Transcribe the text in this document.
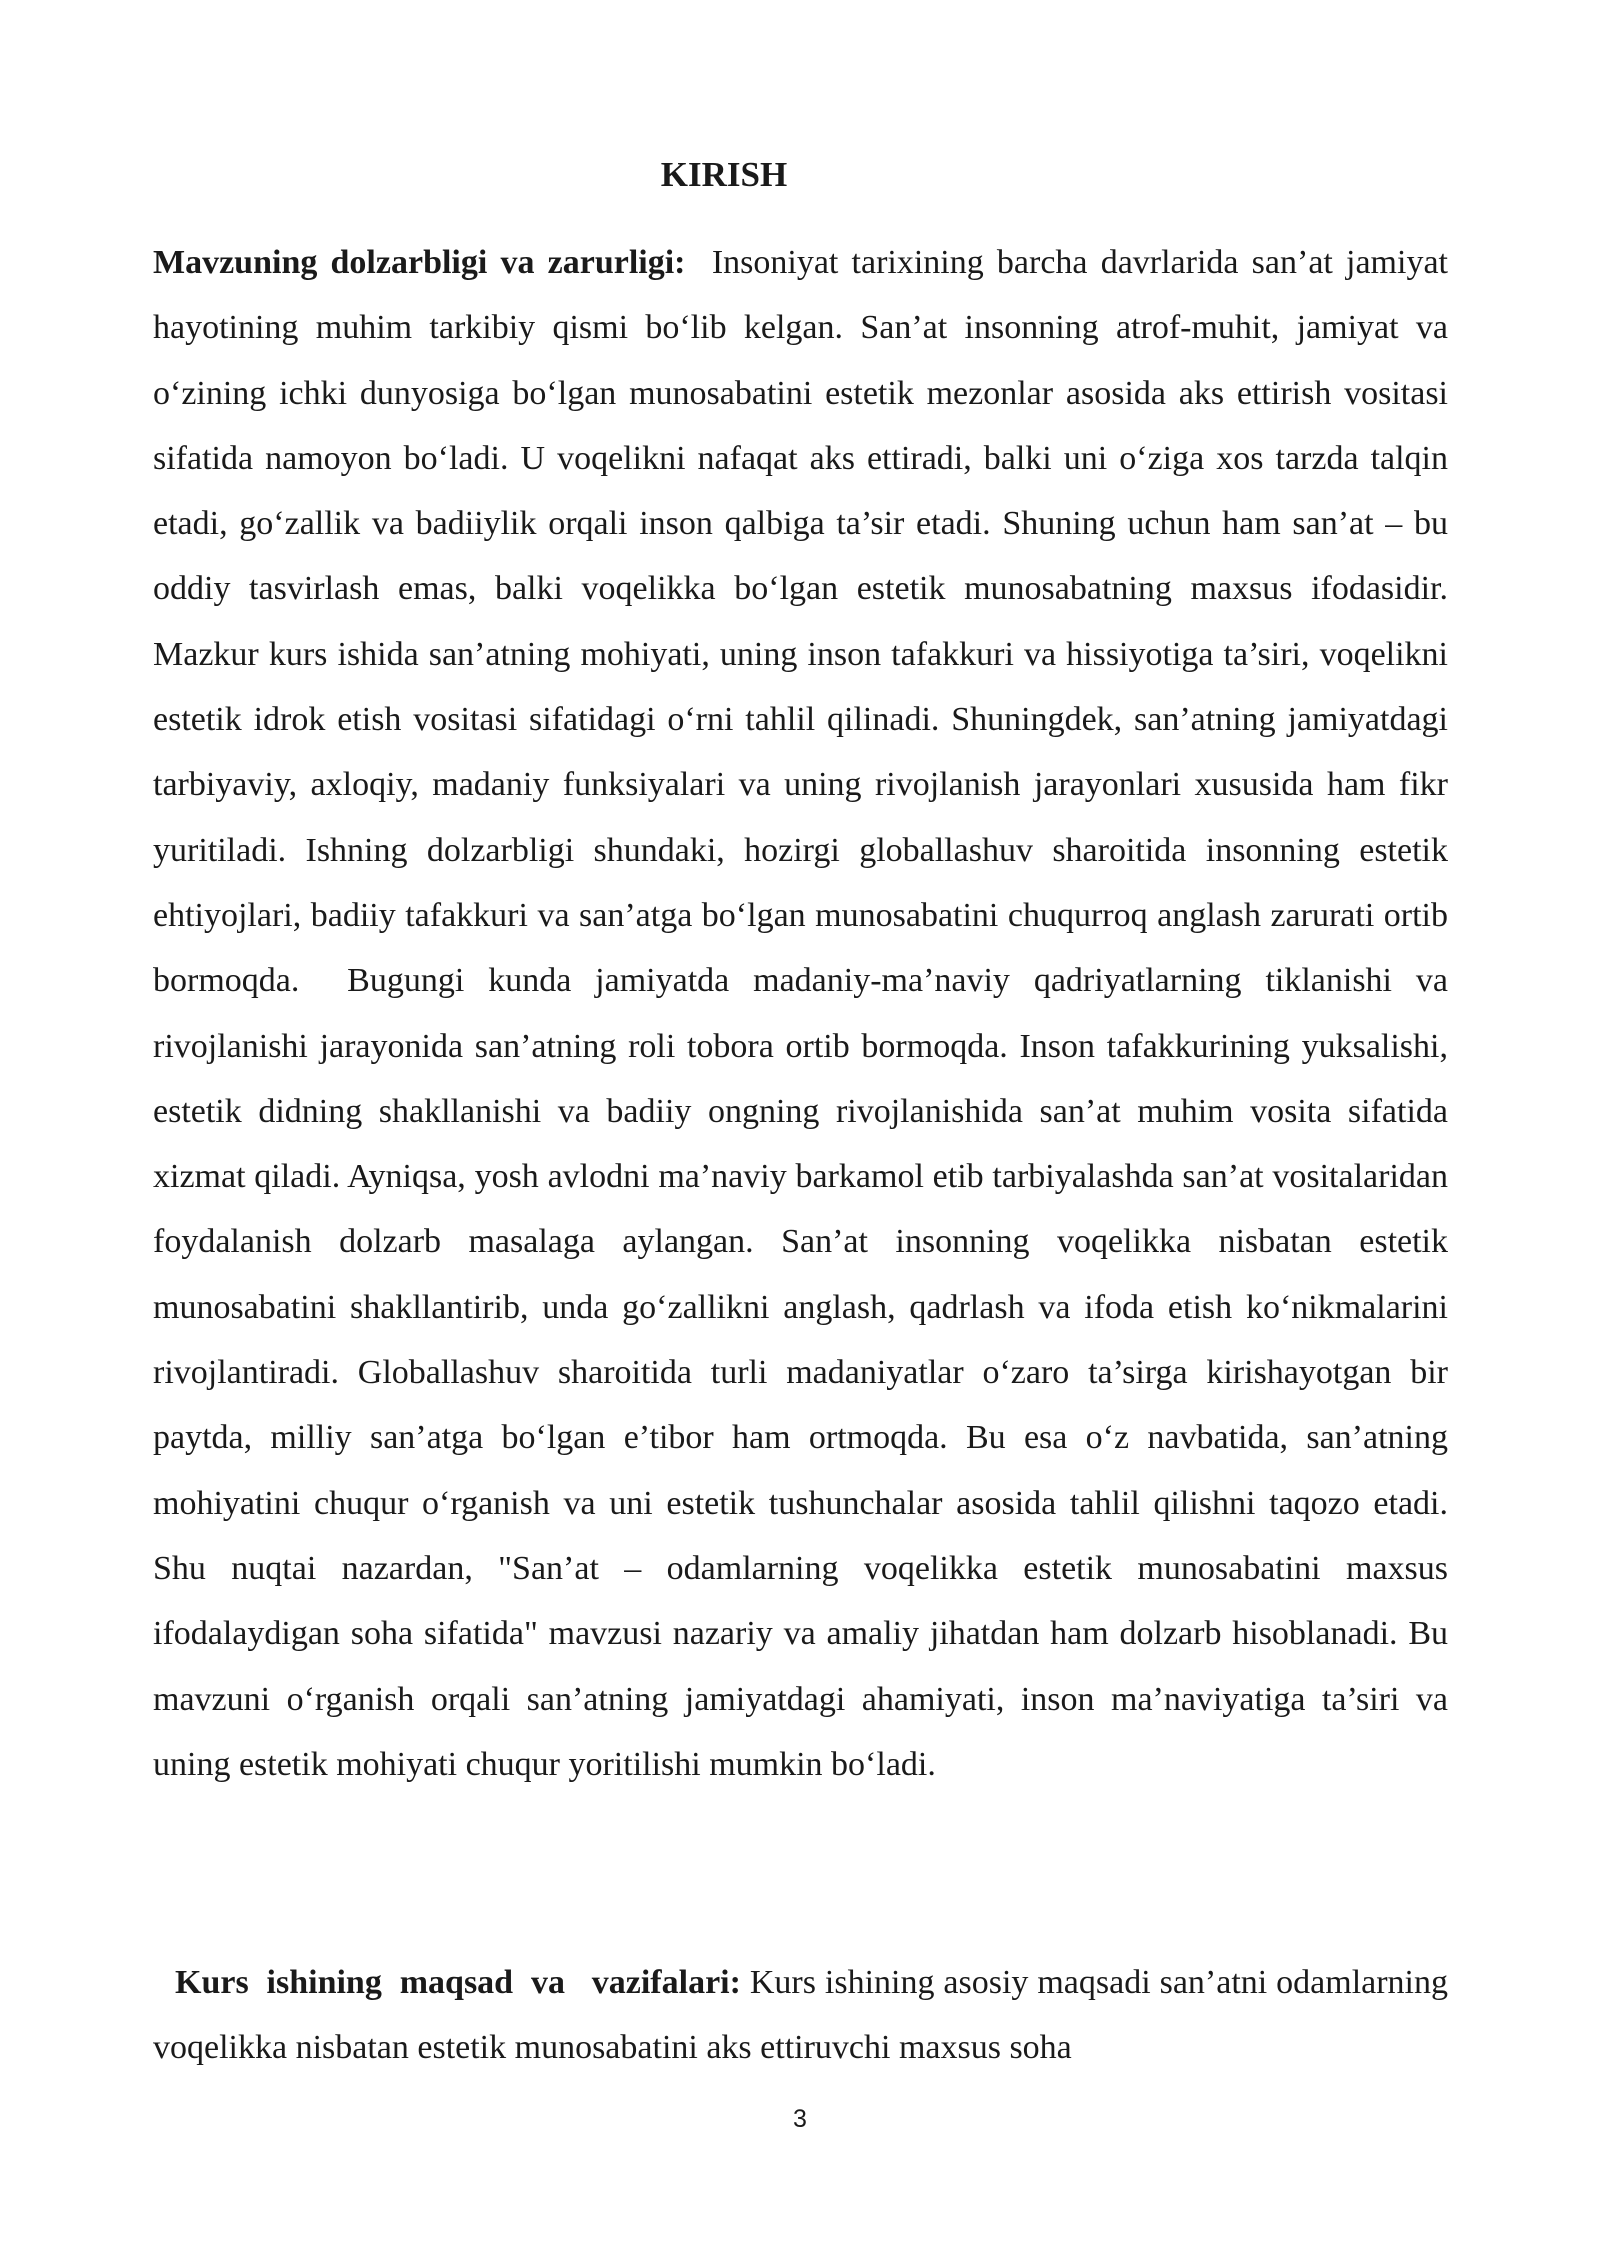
KIRISH

Mavzuning dolzarbligi va zarurligi:  Insoniyat tarixining barcha davrlarida san’at jamiyat hayotining muhim tarkibiy qismi bo‘lib kelgan. San’at insonning atrof-muhit, jamiyat va o‘zining ichki dunyosiga bo‘lgan munosabatini estetik mezonlar asosida aks ettirish vositasi sifatida namoyon bo‘ladi. U voqelikni nafaqat aks ettiradi, balki uni o‘ziga xos tarzda talqin etadi, go‘zallik va badiiylik orqali inson qalbiga ta’sir etadi. Shuning uchun ham san’at – bu oddiy tasvirlash emas, balki voqelikka bo‘lgan estetik munosabatning maxsus ifodasidir.  Mazkur kurs ishida san’atning mohiyati, uning inson tafakkuri va hissiyotiga ta’siri, voqelikni estetik idrok etish vositasi sifatidagi o‘rni tahlil qilinadi. Shuningdek, san’atning jamiyatdagi tarbiyaviy, axloqiy, madaniy funksiyalari va uning rivojlanish jarayonlari xususida ham fikr yuritiladi. Ishning dolzarbligi shundaki, hozirgi globallashuv sharoitida insonning estetik ehtiyojlari, badiiy tafakkuri va san’atga bo‘lgan munosabatini chuqurroq anglash zarurati ortib bormoqda.  Bugungi kunda jamiyatda madaniy-ma’naviy qadriyatlarning tiklanishi va rivojlanishi jarayonida san’atning roli tobora ortib bormoqda. Inson tafakkurining yuksalishi, estetik didning shakllanishi va badiiy ongning rivojlanishida san’at muhim vosita sifatida xizmat qiladi. Ayniqsa, yosh avlodni ma’naviy barkamol etib tarbiyalashda san’at vositalaridan foydalanish dolzarb masalaga aylangan. San’at insonning voqelikka nisbatan estetik munosabatini shakllantirib, unda go‘zallikni anglash, qadrlash va ifoda etish ko‘nikmalarini rivojlantiradi. Globallashuv sharoitida turli madaniyatlar o‘zaro ta’sirga kirishayotgan bir paytda, milliy san’atga bo‘lgan e’tibor ham ortmoqda. Bu esa o‘z navbatida, san’atning mohiyatini chuqur o‘rganish va uni estetik tushunchalar asosida tahlil qilishni taqozo etadi.    Shu nuqtai nazardan, "San’at – odamlarning voqelikka estetik munosabatini maxsus ifodalaydigan soha sifatida" mavzusi nazariy va amaliy jihatdan ham dolzarb hisoblanadi. Bu mavzuni o‘rganish orqali san’atning jamiyatdagi ahamiyati, inson ma’naviyatiga ta’siri va uning estetik mohiyati chuqur yoritilishi mumkin bo‘ladi.

Kurs  ishining  maqsad  va   vazifalari: Kurs ishining asosiy maqsadi san’atni odamlarning voqelikka nisbatan estetik munosabatini aks ettiruvchi maxsus soha

3
